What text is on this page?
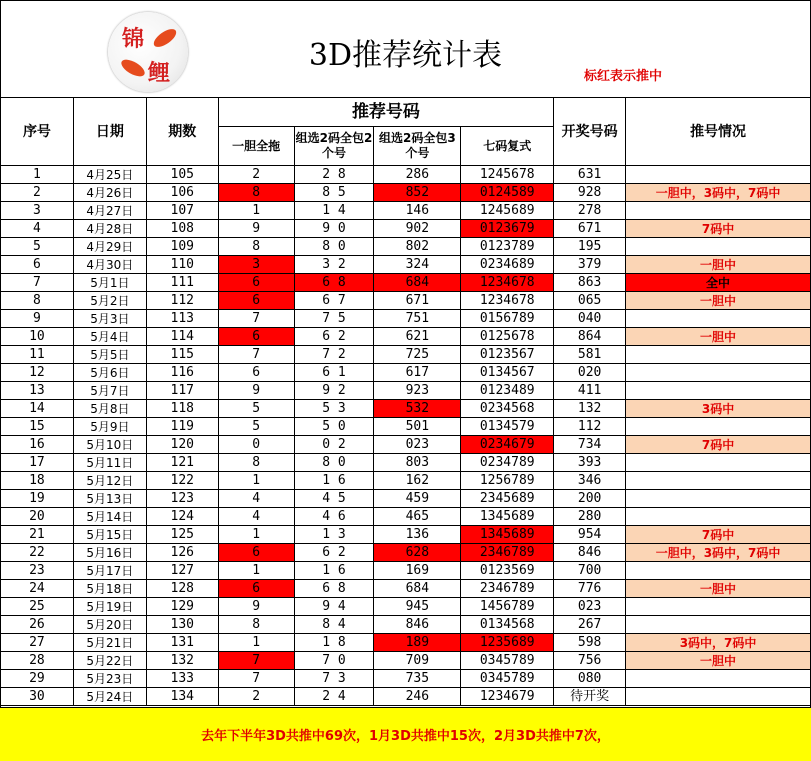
锦
鲤	3D推荐统计表
标红表示推中
序号	日期	期数	推荐号码				开奖号码	推号情况
			一胆全拖	组选2码全包2个号	组选2码全包3个号	七码复式		
1	4月25日	105	2	2 8	286	1245678	631	
2	4月26日	106	8	8 5	852	0124589	928	一胆中，3码中，7码中
3	4月27日	107	1	1 4	146	1245689	278	
4	4月28日	108	9	9 0	902	0123679	671	7码中
5	4月29日	109	8	8 0	802	0123789	195	
6	4月30日	110	3	3 2	324	0234689	379	一胆中
7	5月1日	111	6	6 8	684	1234678	863	全中
8	5月2日	112	6	6 7	671	1234678	065	一胆中
9	5月3日	113	7	7 5	751	0156789	040	
10	5月4日	114	6	6 2	621	0125678	864	一胆中
11	5月5日	115	7	7 2	725	0123567	581	
12	5月6日	116	6	6 1	617	0134567	020	
13	5月7日	117	9	9 2	923	0123489	411	
14	5月8日	118	5	5 3	532	0234568	132	3码中
15	5月9日	119	5	5 0	501	0134579	112	
16	5月10日	120	0	0 2	023	0234679	734	7码中
17	5月11日	121	8	8 0	803	0234789	393	
18	5月12日	122	1	1 6	162	1256789	346	
19	5月13日	123	4	4 5	459	2345689	200	
20	5月14日	124	4	4 6	465	1345689	280	
21	5月15日	125	1	1 3	136	1345689	954	7码中
22	5月16日	126	6	6 2	628	2346789	846	一胆中，3码中，7码中
23	5月17日	127	1	1 6	169	0123569	700	
24	5月18日	128	6	6 8	684	2346789	776	一胆中
25	5月19日	129	9	9 4	945	1456789	023	
26	5月20日	130	8	8 4	846	0134568	267	
27	5月21日	131	1	1 8	189	1235689	598	3码中，7码中
28	5月22日	132	7	7 0	709	0345789	756	一胆中
29	5月23日	133	7	7 3	735	0345789	080	
30	5月24日	134	2	2 4	246	1234679	待开奖	
去年下半年3D共推中69次，1月3D共推中15次，2月3D共推中7次，
